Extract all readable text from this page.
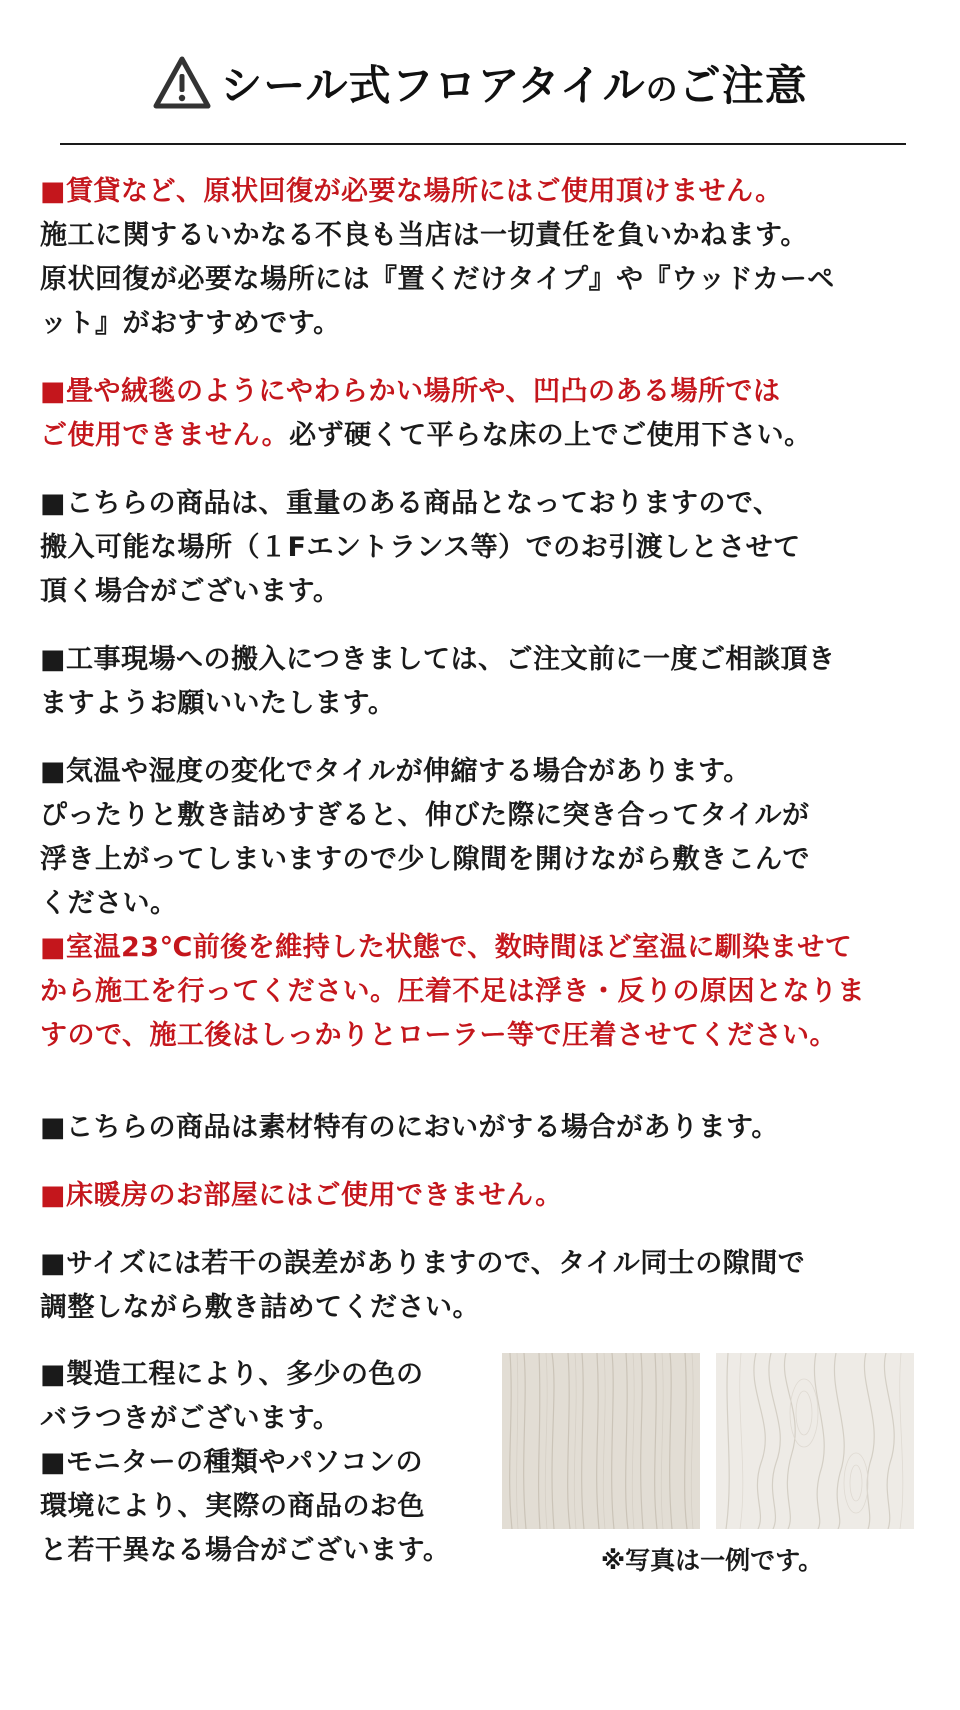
シール式フロアタイルのご注意

■賃貸など、原状回復が必要な場所にはご使用頂けません。

施工に関するいかなる不良も当店は一切責任を負いかねます。

原状回復が必要な場所には『置くだけタイプ』や『ウッドカーペ

ット』がおすすめです。

■畳や絨毯のようにやわらかい場所や、凹凸のある場所では

ご使用できません。必ず硬くて平らな床の上でご使用下さい。

■こちらの商品は、重量のある商品となっておりますので、

搬入可能な場所（１Fエントランス等）でのお引渡しとさせて

頂く場合がございます。

■工事現場への搬入につきましては、ご注文前に一度ご相談頂き

ますようお願いいたします。

■気温や湿度の変化でタイルが伸縮する場合があります。

ぴったりと敷き詰めすぎると、伸びた際に突き合ってタイルが

浮き上がってしまいますので少し隙間を開けながら敷きこんで

ください。

■室温23℃前後を維持した状態で、数時間ほど室温に馴染ませて

から施工を行ってください。圧着不足は浮き・反りの原因となりま

すので、施工後はしっかりとローラー等で圧着させてください。

■こちらの商品は素材特有のにおいがする場合があります。

■床暖房のお部屋にはご使用できません。

■サイズには若干の誤差がありますので、タイル同士の隙間で

調整しながら敷き詰めてください。

■製造工程により、多少の色の

バラつきがございます。

■モニターの種類やパソコンの

環境により、実際の商品のお色

と若干異なる場合がございます。	※写真は一例です。
